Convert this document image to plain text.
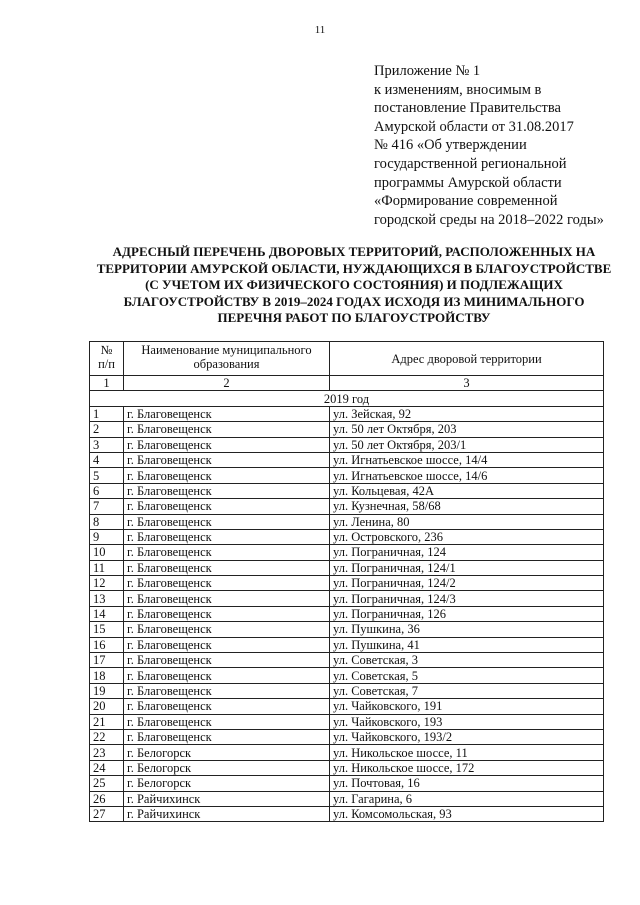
11
Приложение № 1
к изменениям, вносимым в
постановление Правительства
Амурской области от 31.08.2017
№ 416 «Об утверждении
государственной региональной
программы Амурской области
«Формирование современной
городской среды на 2018–2022 годы»
АДРЕСНЫЙ ПЕРЕЧЕНЬ ДВОРОВЫХ ТЕРРИТОРИЙ, РАСПОЛОЖЕННЫХ НА
ТЕРРИТОРИИ АМУРСКОЙ ОБЛАСТИ, НУЖДАЮЩИХСЯ В БЛАГОУСТРОЙСТВЕ
(С УЧЕТОМ ИХ ФИЗИЧЕСКОГО СОСТОЯНИЯ) И ПОДЛЕЖАЩИХ
БЛАГОУСТРОЙСТВУ В 2019–2024 ГОДАХ ИСХОДЯ ИЗ МИНИМАЛЬНОГО
ПЕРЕЧНЯ РАБОТ ПО БЛАГОУСТРОЙСТВУ
№
п/п	Наименование муниципального образования	Адрес дворовой территории
1	2	3
2019 год		
1	г. Благовещенск	ул. Зейская, 92
2	г. Благовещенск	ул. 50 лет Октября, 203
3	г. Благовещенск	ул. 50 лет Октября, 203/1
4	г. Благовещенск	ул. Игнатьевское шоссе, 14/4
5	г. Благовещенск	ул. Игнатьевское шоссе, 14/6
6	г. Благовещенск	ул. Кольцевая, 42А
7	г. Благовещенск	ул. Кузнечная, 58/68
8	г. Благовещенск	ул. Ленина, 80
9	г. Благовещенск	ул. Островского, 236
10	г. Благовещенск	ул. Пограничная, 124
11	г. Благовещенск	ул. Пограничная, 124/1
12	г. Благовещенск	ул. Пограничная, 124/2
13	г. Благовещенск	ул. Пограничная, 124/3
14	г. Благовещенск	ул. Пограничная, 126
15	г. Благовещенск	ул. Пушкина, 36
16	г. Благовещенск	ул. Пушкина, 41
17	г. Благовещенск	ул. Советская, 3
18	г. Благовещенск	ул. Советская, 5
19	г. Благовещенск	ул. Советская, 7
20	г. Благовещенск	ул. Чайковского, 191
21	г. Благовещенск	ул. Чайковского, 193
22	г. Благовещенск	ул. Чайковского, 193/2
23	г. Белогорск	ул. Никольское шоссе, 11
24	г. Белогорск	ул. Никольское шоссе, 172
25	г. Белогорск	ул. Почтовая, 16
26	г. Райчихинск	ул. Гагарина, 6
27	г. Райчихинск	ул. Комсомольская, 93
